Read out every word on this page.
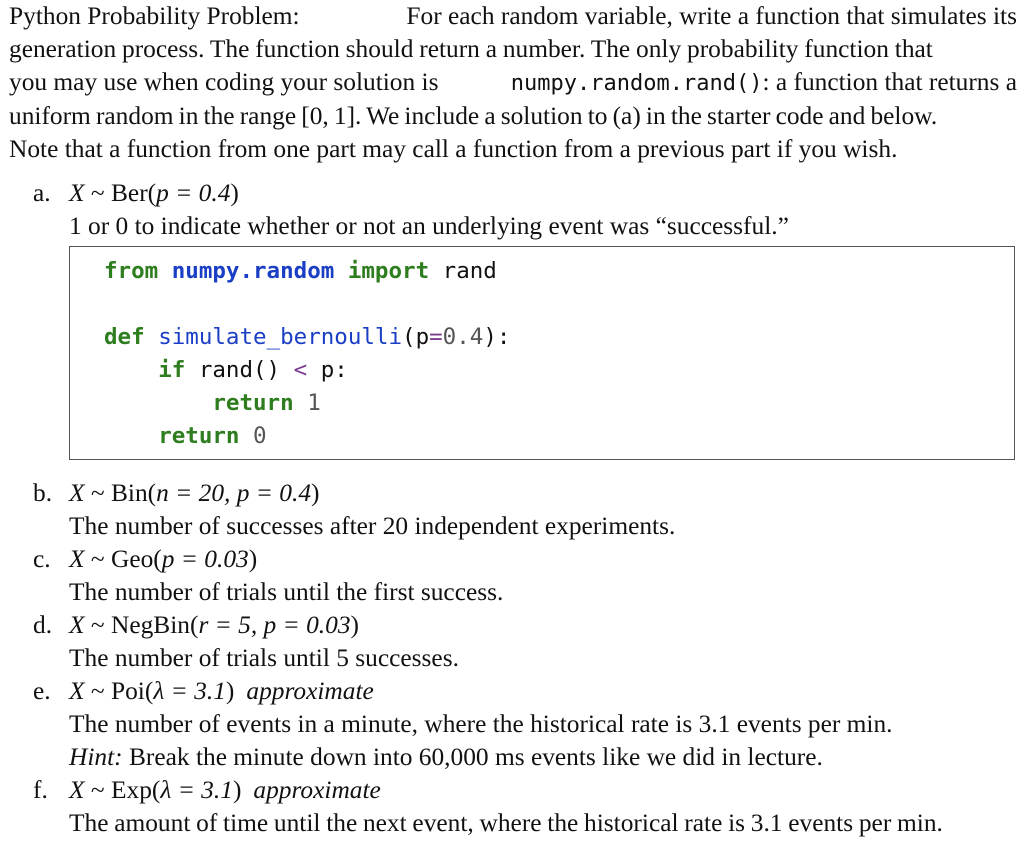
Python Probability Problem:	For each random variable, write a function that simulates its
generation process. The function should return a number. The only probability function that
you may use when coding your solution is	numpy.random.rand(): a function that returns a
uniform random in the range [0, 1]. We include a solution to (a) in the starter code and below.
Note that a function from one part may call a function from a previous part if you wish.
a. X ~ Ber(p = 0.4)
1 or 0 to indicate whether or not an underlying event was “successful.”
from numpy.random import rand

def simulate_bernoulli(p=0.4):
if rand() < p:
return 1
return 0
b. X ~ Bin(n = 20, p = 0.4)
The number of successes after 20 independent experiments.
c. X ~ Geo(p = 0.03)
The number of trials until the first success.
d. X ~ NegBin(r = 5, p = 0.03)
The number of trials until 5 successes.
e. X ~ Poi(λ = 3.1) approximate
The number of events in a minute, where the historical rate is 3.1 events per min.
Hint: Break the minute down into 60,000 ms events like we did in lecture.
f. X ~ Exp(λ = 3.1) approximate
The amount of time until the next event, where the historical rate is 3.1 events per min.
